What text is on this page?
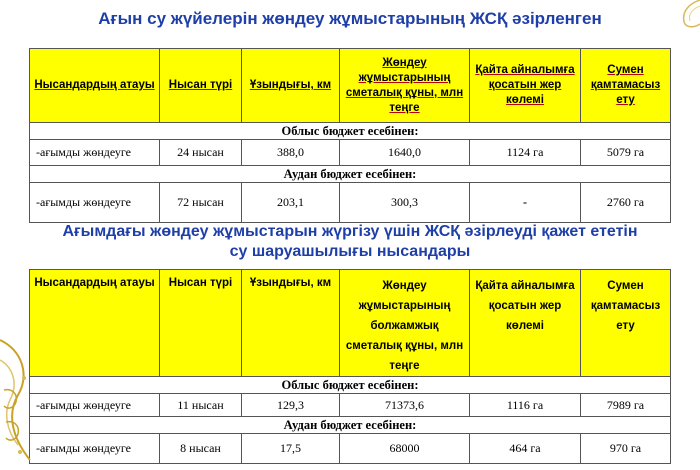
Ағын су жүйелерін жөндеу жұмыстарының ЖСҚ әзірленген
Нысандардың атауы	Нысан түрі	Ұзындығы, км	Жөндеу жұмыстарының сметалық құны, млн теңге	Қайта айналымға қосатын жер көлемі	Сумен қамтамасыз ету
Облыс бюджет есебінен:					
-ағымды жөндеуге	24 нысан	388,0	1640,0	1124 га	5079 га
Аудан бюджет есебінен:					
-ағымды жөндеуге	72 нысан	203,1	300,3	-	2760 га
Ағымдағы жөндеу жұмыстарын жүргізу үшін ЖСҚ әзірлеуді қажет ететін
су шаруашылығы нысандары
Нысандардың атауы	Нысан түрі	Ұзындығы, км	Жөндеу жұмыстарының болжамжық сметалық құны, млн теңге	Қайта айналымға қосатын жер көлемі	Сумен қамтамасыз ету
Облыс бюджет есебінен:					
-ағымды жөндеуге	11 нысан	129,3	71373,6	1116 га	7989 га
Аудан бюджет есебінен:					
-ағымды жөндеуге	8 нысан	17,5	68000	464 га	970 га
